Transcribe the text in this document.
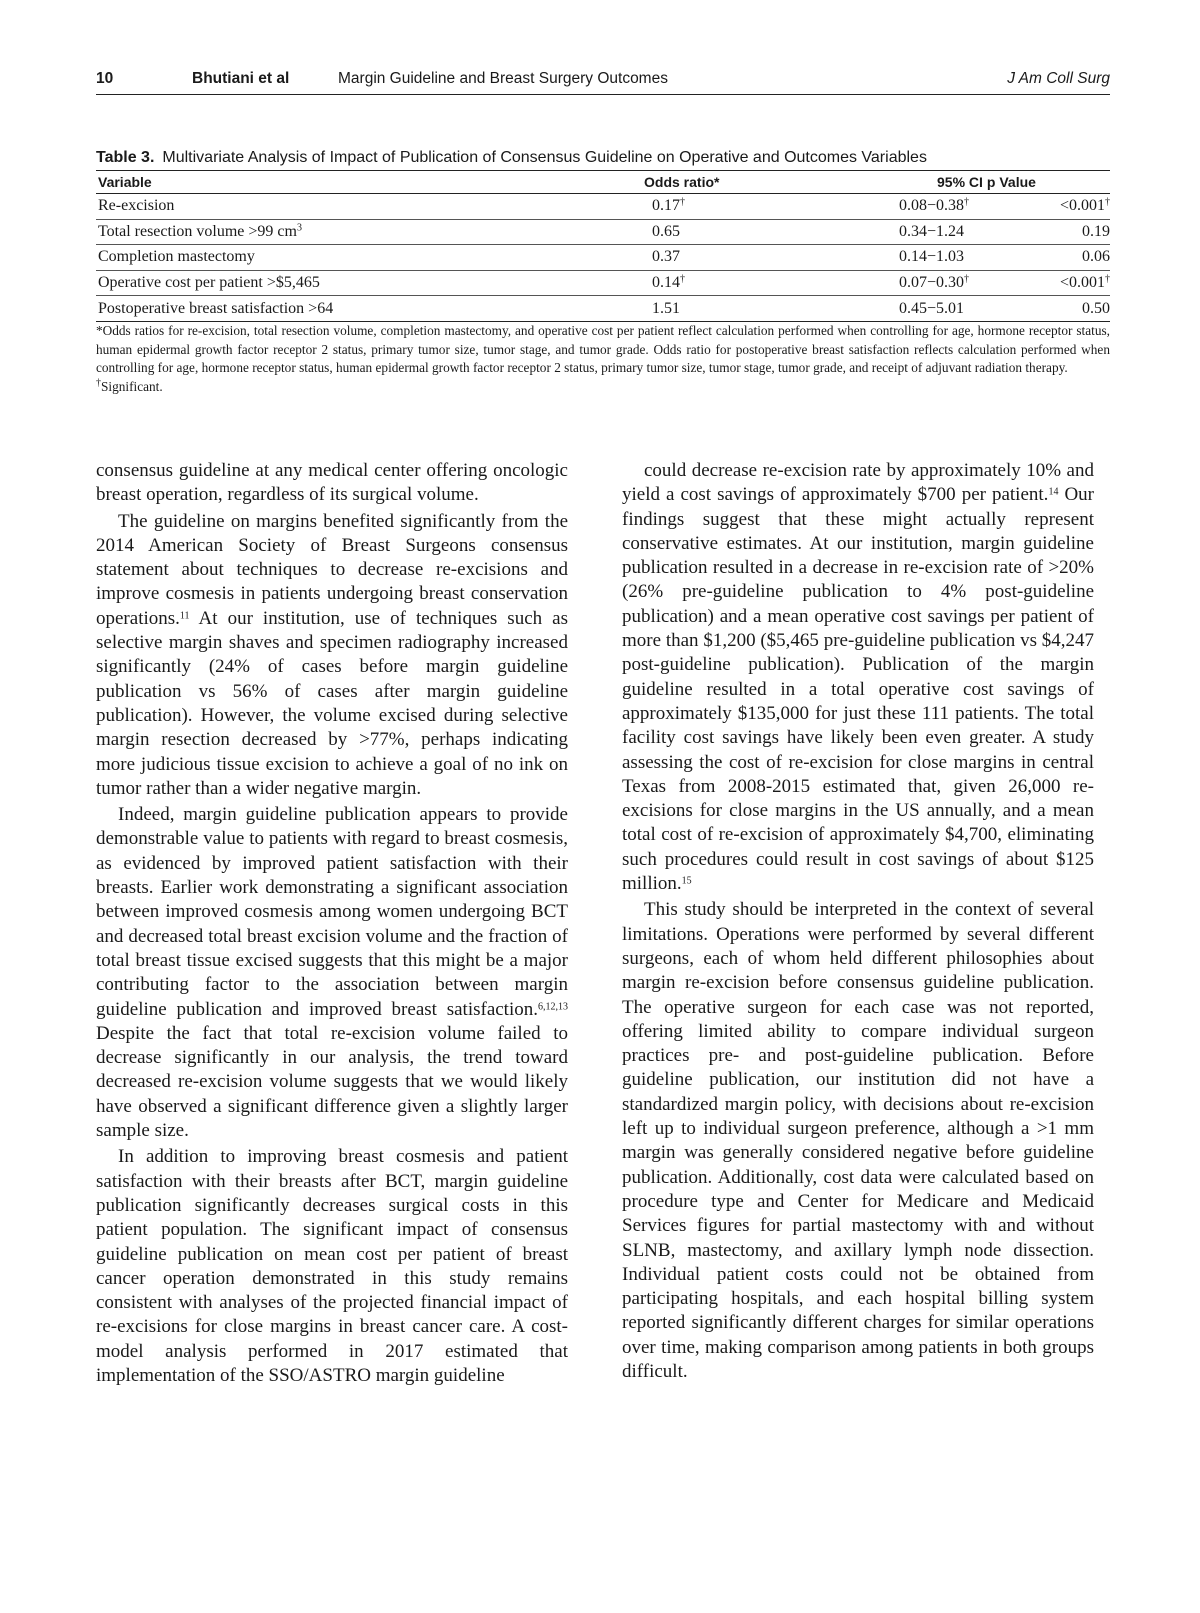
10	Bhutiani et al	Margin Guideline and Breast Surgery Outcomes	J Am Coll Surg
Table 3. Multivariate Analysis of Impact of Publication of Consensus Guideline on Operative and Outcomes Variables
Variable	Odds ratio*	95% CI	p Value
Re-excision	0.17†	0.08−0.38†	<0.001†
Total resection volume >99 $cm^3$	0.65	0.34−1.24	0.19
Completion mastectomy	0.37	0.14−1.03	0.06
Operative cost per patient >$5,465	0.14†	0.07−0.30†	<0.001†
Postoperative breast satisfaction >64	1.51	0.45−5.01	0.50

*Odds ratios for re-excision, total resection volume, completion mastectomy, and operative cost per patient reflect calculation performed when controlling for age, hormone receptor status, human epidermal growth factor receptor 2 status, primary tumor size, tumor stage, and tumor grade. Odds ratio for postoperative breast satisfaction reflects calculation performed when controlling for age, hormone receptor status, human epidermal growth factor receptor 2 status, primary tumor size, tumor stage, tumor grade, and receipt of adjuvant radiation therapy.

†Significant.

consensus guideline at any medical center offering oncologic breast operation, regardless of its surgical volume.

The guideline on margins benefited significantly from the 2014 American Society of Breast Surgeons consensus statement about techniques to decrease re-excisions and improve cosmesis in patients undergoing breast conservation operations.$^{11}$ At our institution, use of techniques such as selective margin shaves and specimen radiography increased significantly (24% of cases before margin guideline publication vs 56% of cases after margin guideline publication). However, the volume excised during selective margin resection decreased by >77%, perhaps indicating more judicious tissue excision to achieve a goal of no ink on tumor rather than a wider negative margin.

Indeed, margin guideline publication appears to provide demonstrable value to patients with regard to breast cosmesis, as evidenced by improved patient satisfaction with their breasts. Earlier work demonstrating a significant association between improved cosmesis among women undergoing BCT and decreased total breast excision volume and the fraction of total breast tissue excised suggests that this might be a major contributing factor to the association between margin guideline publication and improved breast satisfaction.$^{6,12,13}$ Despite the fact that total re-excision volume failed to decrease significantly in our analysis, the trend toward decreased re-excision volume suggests that we would likely have observed a significant difference given a slightly larger sample size.

In addition to improving breast cosmesis and patient satisfaction with their breasts after BCT, margin guideline publication significantly decreases surgical costs in this patient population. The significant impact of consensus guideline publication on mean cost per patient of breast cancer operation demonstrated in this study remains consistent with analyses of the projected financial impact of re-excisions for close margins in breast cancer care. A cost-model analysis performed in 2017 estimated that implementation of the SSO/ASTRO margin guideline

could decrease re-excision rate by approximately 10% and yield a cost savings of approximately $700 per patient.$^{14}$ Our findings suggest that these might actually represent conservative estimates. At our institution, margin guideline publication resulted in a decrease in re-excision rate of >20% (26% pre-guideline publication to 4% post-guideline publication) and a mean operative cost savings per patient of more than $1,200 ($5,465 pre-guideline publication vs $4,247 post-guideline publication). Publication of the margin guideline resulted in a total operative cost savings of approximately $135,000 for just these 111 patients. The total facility cost savings have likely been even greater. A study assessing the cost of re-excision for close margins in central Texas from 2008-2015 estimated that, given 26,000 re-excisions for close margins in the US annually, and a mean total cost of re-excision of approximately $4,700, eliminating such procedures could result in cost savings of about $125 million.$^{15}$

This study should be interpreted in the context of several limitations. Operations were performed by several different surgeons, each of whom held different philosophies about margin re-excision before consensus guideline publication. The operative surgeon for each case was not reported, offering limited ability to compare individual surgeon practices pre- and post-guideline publication. Before guideline publication, our institution did not have a standardized margin policy, with decisions about re-excision left up to individual surgeon preference, although a >1 mm margin was generally considered negative before guideline publication. Additionally, cost data were calculated based on procedure type and Center for Medicare and Medicaid Services figures for partial mastectomy with and without SLNB, mastectomy, and axillary lymph node dissection. Individual patient costs could not be obtained from participating hospitals, and each hospital billing system reported significantly different charges for similar operations over time, making comparison among patients in both groups difficult.
